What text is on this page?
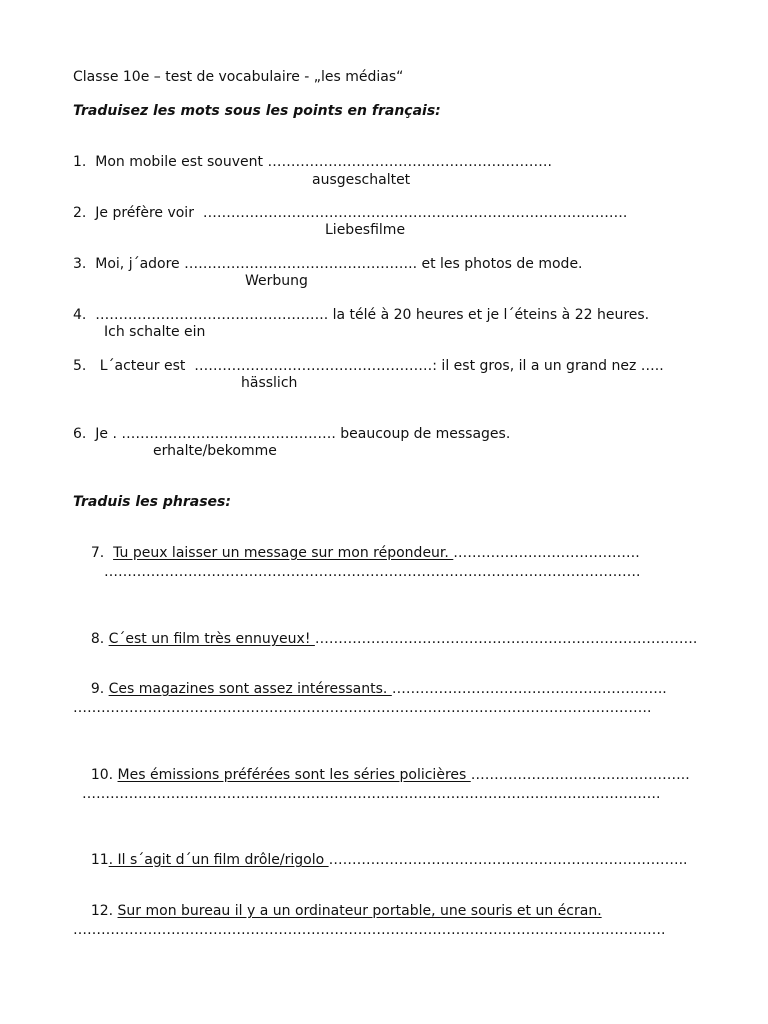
Classe 10e – test de vocabulaire - „les médias“
Traduisez les mots sous les points en français:
1.  Mon mobile est souvent …………………………………………………….
ausgeschaltet
2.  Je préfère voir  ……………………………………………………………………………….
Liebesfilme
3.  Moi, j´adore ………………………………………….. et les photos de mode.
Werbung
4.  ………………………………………….. la télé à 20 heures et je l´éteins à 22 heures.
Ich schalte ein
5.   L´acteur est  ……………………………………………: il est gros, il a un grand nez …..
hässlich
6.  Je . ………………………………………. beaucoup de messages.
erhalte/bekomme
Traduis les phrases:

7.  Tu peux laisser un message sur mon répondeur. ………………………………….

…………………………………………………………………………………………………….

8. C´est un film très ennuyeux! ……………………………………………………………………….

9. Ces magazines sont assez intéressants. …………………………………………………..

…………………………………………………………………………………………………………….

10. Mes émissions préférées sont les séries policières ………………………………………..

…………………………………………………………………………………………………………….

11. Il s´agit d´un film drôle/rigolo …………………………………………………………………..

12. Sur mon bureau il y a un ordinateur portable, une souris et un écran.

……………………………………………………………………………………………………………….
